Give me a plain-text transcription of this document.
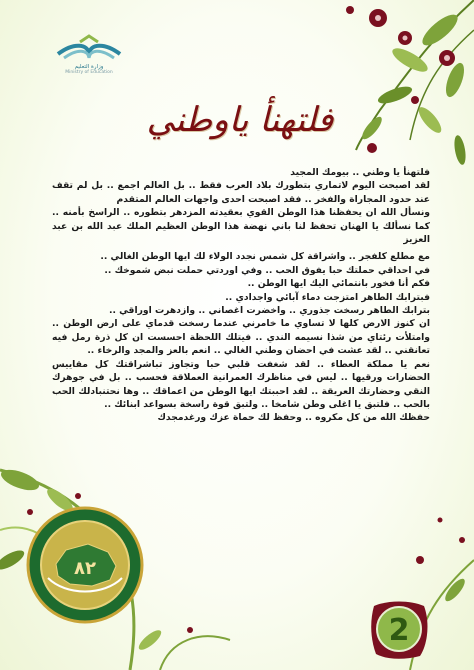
وزارة التعليم
Ministry of Education
فلتهنأ ياوطني

فلتهنأ يا وطني .. بيومك المجيد

لقد اصبحت اليوم لاتماري بتطورك بلاد العرب فقط .. بل العالم اجمع .. بل لم تقف عند حدود المجاراة والفخر .. فقد اصبحت احدى واجهات العالم المتقدم

ونسأل الله ان يحفظنا هذا الوطن القوي بعقيدته المزدهر بتطوره .. الراسخ بأمنه .. كما نسألك يا الهنان تحفظ لنا باني نهضة هذا الوطن العظيم الملك عبد الله بن عبد العزيز

مع مطلع كلفجر .. واشراقة كل شمس نجدد الولاء لك ايها الوطن الغالي ..

في احداقي حملتك حبا يفوق الحب .. وفي اوردتي حملت نبض شموخك ..

فكم أنا فخور بانتمائي اليك ايها الوطن ..

فبترابك الطاهر امتزجت دماء آبائي واجدادي ..

بترابك الطاهر رسخت جذوري .. واخضرت اغصاني .. وازدهرت اوراقي ..

ان كنوز الارض كلها لا تساوي ما خامرني عندما رسخت قدماي على ارض الوطن .. وامتلأت رئتاي من شذا نسيمه الندي .. فيتلك اللحظة احسست ان كل ذرة رمل فيه تعانقني .. لقد عشت في احضان وطني الغالي .. انعم بالعز والمجد والرخاء ..

نعم يا مملكة العطاء .. لقد شغفت قلبي حبا وتجاوز تباشراقتك كل مقاييس الحضارات ورقيها .. ليس في مناظرك العمرانية العملاقة فحسب .. بل في جوهرك النقي وحضارتك العريقة .. لقد احببتك ايها الوطن من اعماقك .. وها نحتنبادلك الحب بالحب .. فلتبق يا اغلى وطن شامخا .. ولتبق قوة راسخة بسواعد ابنائك ..

حفظك الله من كل مكروه .. وحفظ لك حماة عزك ورغدمجدك

٨٢
2
